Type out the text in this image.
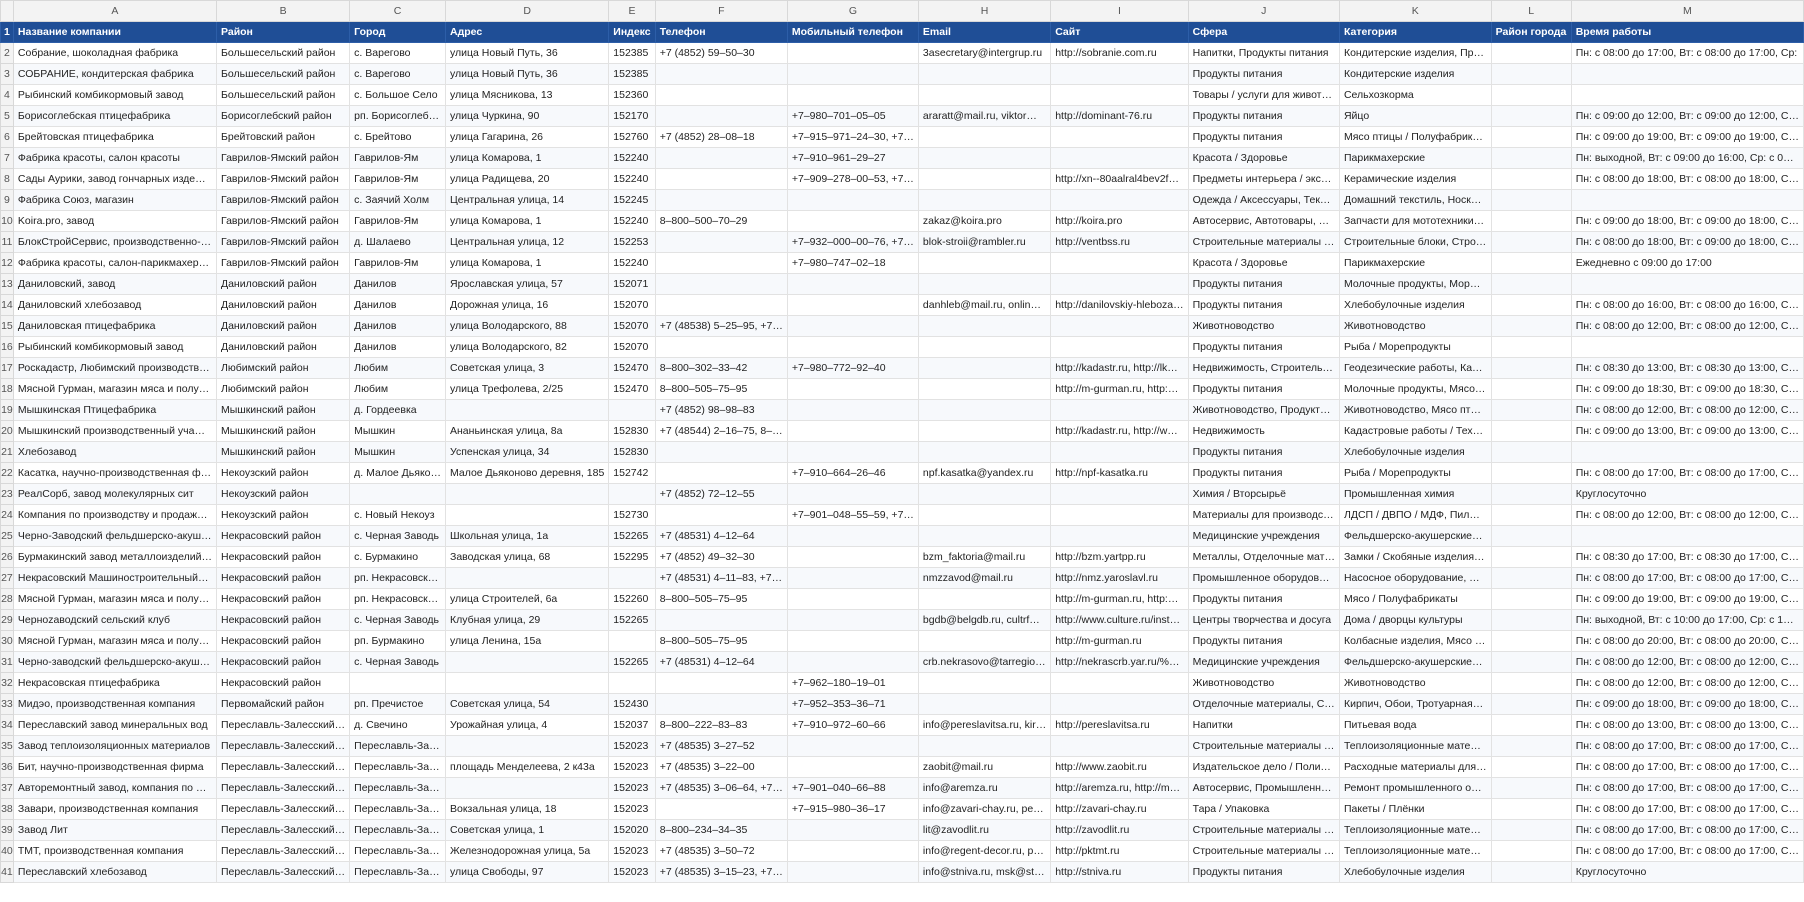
	A	B	C	D	E	F	G	H	I	J	K	L	M
1	Название компании	Район	Город	Адрес	Индекс	Телефон	Мобильный телефон	Email	Сайт	Сфера	Категория	Район города	Время работы
2	Собрание, шоколадная фабрика	Большесельский район	с. Варегово	улица Новый Путь, 36	152385	+7 (4852) 59–50–30		3asecretary@intergrup.ru	http://sobranie.com.ru	Напитки, Продукты питания	Кондитерские изделия, Пр…		Пн: с 08:00 до 17:00, Вт: с 08:00 до 17:00, Ср:
3	СОБРАНИЕ, кондитерская фабрика	Большесельский район	с. Варегово	улица Новый Путь, 36	152385					Продукты питания	Кондитерские изделия		
4	Рыбинский комбикормовый завод	Большесельский район	с. Большое Село	улица Мясникова, 13	152360					Товары / услуги для живот…	Сельхозкорма		
5	Борисоглебская птицефабрика	Борисоглебский район	рп. Борисоглеб…	улица Чуркина, 90	152170		+7–980–701–05–05	araratt@mail.ru, viktor…	http://dominant-76.ru	Продукты питания	Яйцо		Пн: с 09:00 до 12:00, Вт: с 09:00 до 12:00, С…
6	Брейтовская птицефабрика	Брейтовский район	с. Брейтово	улица Гагарина, 26	152760	+7 (4852) 28–08–18	+7–915–971–24–30, +7…			Продукты питания	Мясо птицы / Полуфабрик…		Пн: с 09:00 до 19:00, Вт: с 09:00 до 19:00, С…
7	Фабрика красоты, салон красоты	Гаврилов-Ямский район	Гаврилов-Ям	улица Комарова, 1	152240		+7–910–961–29–27			Красота / Здоровье	Парикмахерские		Пн: выходной, Вт: с 09:00 до 16:00, Ср: с 0…
8	Сады Аурики, завод гончарных изде…	Гаврилов-Ямский район	Гаврилов-Ям	улица Радищева, 20	152240		+7–909–278–00–53, +7…		http://xn--80aalral4bev2f…	Предметы интерьера / экс…	Керамические изделия		Пн: с 08:00 до 18:00, Вт: с 08:00 до 18:00, С…
9	Фабрика Союз, магазин	Гаврилов-Ямский район	с. Заячий Холм	Центральная улица, 14	152245					Одежда / Аксессуары, Тек…	Домашний текстиль, Носк…		
10	Koira.pro, завод	Гаврилов-Ямский район	Гаврилов-Ям	улица Комарова, 1	152240	8–800–500–70–29		zakaz@koira.pro	http://koira.pro	Автосервис, Автотовары, …	Запчасти для мототехники…		Пн: с 09:00 до 18:00, Вт: с 09:00 до 18:00, С…
11	БлокСтройСервис, производственно-…	Гаврилов-Ямский район	д. Шалаево	Центральная улица, 12	152253		+7–932–000–00–76, +7…	blok-stroii@rambler.ru	http://ventbss.ru	Строительные материалы …	Строительные блоки, Стро…		Пн: с 08:00 до 18:00, Вт: с 09:00 до 18:00, С…
12	Фабрика красоты, салон-парикмахер…	Гаврилов-Ямский район	Гаврилов-Ям	улица Комарова, 1	152240		+7–980–747–02–18			Красота / Здоровье	Парикмахерские		Ежедневно с 09:00 до 17:00
13	Даниловский, завод	Даниловский район	Данилов	Ярославская улица, 57	152071					Продукты питания	Молочные продукты, Мор…		
14	Даниловский хлебозавод	Даниловский район	Данилов	Дорожная улица, 16	152070			danhleb@mail.ru, onlin…	http://danilovskiy-hleboza…	Продукты питания	Хлебобулочные изделия		Пн: с 08:00 до 16:00, Вт: с 08:00 до 16:00, С…
15	Даниловская птицефабрика	Даниловский район	Данилов	улица Володарского, 88	152070	+7 (48538) 5–25–95, +7…				Животноводство	Животноводство		Пн: с 08:00 до 12:00, Вт: с 08:00 до 12:00, С…
16	Рыбинский комбикормовый завод	Даниловский район	Данилов	улица Володарского, 82	152070					Продукты питания	Рыба / Морепродукты		
17	Роскадастр, Любимский производств…	Любимский район	Любим	Советская улица, 3	152470	8–800–302–33–42	+7–980–772–92–40		http://kadastr.ru, http://lk…	Недвижимость, Строитель…	Геодезические работы, Ка…		Пн: с 08:30 до 13:00, Вт: с 08:30 до 13:00, С…
18	Мясной Гурман, магазин мяса и полу…	Любимский район	Любим	улица Трефолева, 2/25	152470	8–800–505–75–95			http://m-gurman.ru, http:…	Продукты питания	Молочные продукты, Мясо…		Пн: с 09:00 до 18:30, Вт: с 09:00 до 18:30, С…
19	Мышкинская Птицефабрика	Мышкинский район	д. Гордеевка			+7 (4852) 98–98–83				Животноводство, Продукт…	Животноводство, Мясо пт…		Пн: с 08:00 до 12:00, Вт: с 08:00 до 12:00, С…
20	Мышкинский производственный уча…	Мышкинский район	Мышкин	Ананьинская улица, 8а	152830	+7 (48544) 2–16–75, 8–…			http://kadastr.ru, http://w…	Недвижимость	Кадастровые работы / Тех…		Пн: с 09:00 до 13:00, Вт: с 09:00 до 13:00, С…
21	Хлебозавод	Мышкинский район	Мышкин	Успенская улица, 34	152830					Продукты питания	Хлебобулочные изделия		
22	Касатка, научно-производственная ф…	Некоузский район	д. Малое Дьяко…	Малое Дьяконово деревня, 185	152742		+7–910–664–26–46	npf.kasatka@yandex.ru	http://npf-kasatka.ru	Продукты питания	Рыба / Морепродукты		Пн: с 08:00 до 17:00, Вт: с 08:00 до 17:00, С…
23	РеалСорб, завод молекулярных сит	Некоузский район				+7 (4852) 72–12–55				Химия / Вторсырьё	Промышленная химия		Круглосуточно
24	Компания по производству и продаж…	Некоузский район	с. Новый Некоуз		152730		+7–901–048–55–59, +7…			Материалы для производс…	ЛДСП / ДВПО / МДФ, Пил…		Пн: с 08:00 до 12:00, Вт: с 08:00 до 12:00, С…
25	Черно-Заводский фельдшерско-акуш…	Некрасовский район	с. Черная Заводь	Школьная улица, 1а	152265	+7 (48531) 4–12–64				Медицинские учреждения	Фельдшерско-акушерские…		
26	Бурмакинский завод металлоизделий…	Некрасовский район	с. Бурмакино	Заводская улица, 68	152295	+7 (4852) 49–32–30		bzm_faktoria@mail.ru	http://bzm.yartpp.ru	Металлы, Отделочные мат…	Замки / Скобяные изделия…		Пн: с 08:30 до 17:00, Вт: с 08:30 до 17:00, С…
27	Некрасовский Машиностроительный…	Некрасовский район	рп. Некрасовск…			+7 (48531) 4–11–83, +7…		nmzzavod@mail.ru	http://nmz.yaroslavl.ru	Промышленное оборудов…	Насосное оборудование, …		Пн: с 08:00 до 17:00, Вт: с 08:00 до 17:00, С…
28	Мясной Гурман, магазин мяса и полу…	Некрасовский район	рп. Некрасовск…	улица Строителей, 6а	152260	8–800–505–75–95			http://m-gurman.ru, http:…	Продукты питания	Мясо / Полуфабрикаты		Пн: с 09:00 до 19:00, Вт: с 09:00 до 19:00, С…
29	Черноzаводский сельский клуб	Некрасовский район	с. Черная Заводь	Клубная улица, 29	152265			bgdb@belgdb.ru, cultrf…	http://www.culture.ru/inst…	Центры творчества и досуга	Дома / дворцы культуры		Пн: выходной, Вт: с 10:00 до 17:00, Ср: с 1…
30	Мясной Гурман, магазин мяса и полу…	Некрасовский район	рп. Бурмакино	улица Ленина, 15а		8–800–505–75–95			http://m-gurman.ru	Продукты питания	Колбасные изделия, Мясо …		Пн: с 08:00 до 20:00, Вт: с 08:00 до 20:00, С…
31	Черно-заводский фельдшерско-акуш…	Некрасовский район	с. Черная Заводь		152265	+7 (48531) 4–12–64		crb.nekrasovo@tarregio…	http://nekrascrb.yar.ru/%…	Медицинские учреждения	Фельдшерско-акушерские…		Пн: с 08:00 до 12:00, Вт: с 08:00 до 12:00, С…
32	Некрасовская птицефабрика	Некрасовский район					+7–962–180–19–01			Животноводство	Животноводство		Пн: с 08:00 до 12:00, Вт: с 08:00 до 12:00, С…
33	Мидэо, производственная компания	Первомайский район	рп. Пречистое	Советская улица, 54	152430		+7–952–353–36–71			Отделочные материалы, С…	Кирпич, Обои, Тротуарная…		Пн: с 09:00 до 18:00, Вт: с 09:00 до 18:00, С…
34	Переславский завод минеральных вод	Переславль-Залесский…	д. Свечино	Урожайная улица, 4	152037	8–800–222–83–83	+7–910–972–60–66	info@pereslavitsa.ru, kir…	http://pereslavitsa.ru	Напитки	Питьевая вода		Пн: с 08:00 до 13:00, Вт: с 08:00 до 13:00, С…
35	Завод теплоизоляционных материалов	Переславль-Залесский…	Переславль-За…		152023	+7 (48535) 3–27–52				Строительные материалы …	Теплоизоляционные мате…		Пн: с 08:00 до 17:00, Вт: с 08:00 до 17:00, С…
36	Бит, научно-производственная фирма	Переславль-Залесский…	Переславль-За…	площадь Менделеева, 2 к43а	152023	+7 (48535) 3–22–00		zaobit@mail.ru	http://www.zaobit.ru	Издательское дело / Поли…	Расходные материалы для…		Пн: с 08:00 до 17:00, Вт: с 08:00 до 17:00, С…
37	Авторемонтный завод, компания по …	Переславль-Залесский…	Переславль-За…		152023	+7 (48535) 3–06–64, +7…	+7–901–040–66–88	info@aremza.ru	http://aremza.ru, http://m…	Автосервис, Промышленн…	Ремонт промышленного о…		Пн: с 08:00 до 17:00, Вт: с 08:00 до 17:00, С…
38	Завари, производственная компания	Переславль-Залесский…	Переславль-За…	Вокзальная улица, 18	152023		+7–915–980–36–17	info@zavari-chay.ru, pe…	http://zavari-chay.ru	Тара / Упаковка	Пакеты / Плёнки		Пн: с 08:00 до 17:00, Вт: с 08:00 до 17:00, С…
39	Завод Лит	Переславль-Залесский…	Переславль-За…	Советская улица, 1	152020	8–800–234–34–35		lit@zavodlit.ru	http://zavodlit.ru	Строительные материалы …	Теплоизоляционные мате…		Пн: с 08:00 до 17:00, Вт: с 08:00 до 17:00, С…
40	ТМТ, производственная компания	Переславль-Залесский…	Переславль-За…	Железнодорожная улица, 5а	152023	+7 (48535) 3–50–72		info@regent-decor.ru, p…	http://pktmt.ru	Строительные материалы …	Теплоизоляционные мате…		Пн: с 08:00 до 17:00, Вт: с 08:00 до 17:00, С…
41	Переславский хлебозавод	Переславль-Залесский…	Переславль-За…	улица Свободы, 97	152023	+7 (48535) 3–15–23, +7…		info@stniva.ru, msk@st…	http://stniva.ru	Продукты питания	Хлебобулочные изделия		Круглосуточно
